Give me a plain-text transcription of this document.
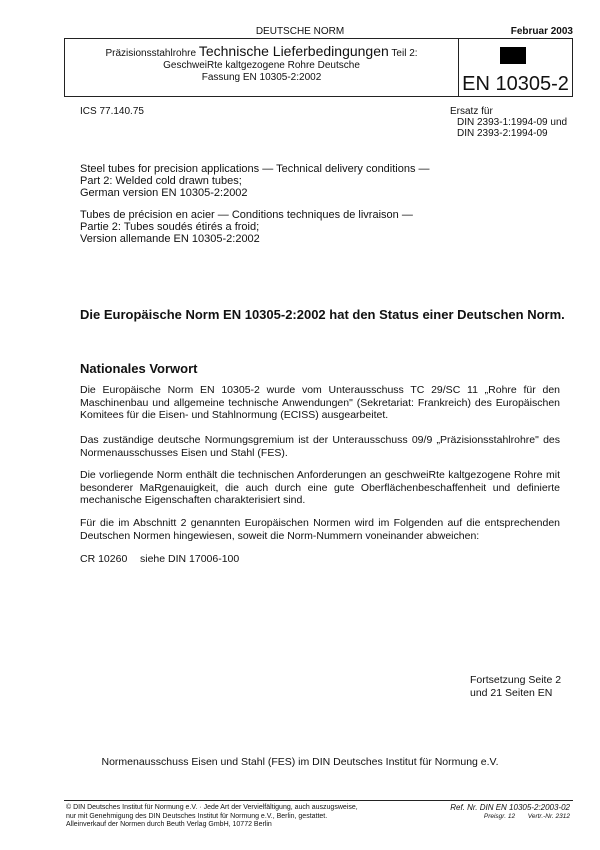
DEUTSCHE NORM	Februar 2003
Präzisionsstahlrohre Technische Lieferbedingungen Teil 2:
GeschweiRte kaltgezogene Rohre Deutsche
Fassung EN 10305-2:2002	EN 10305-2
ICS 77.140.75	Ersatz für
DIN 2393-1:1994-09 und
DIN 2393-2:1994-09
Steel tubes for precision applications — Technical delivery conditions —
Part 2: Welded cold drawn tubes;
German version EN 10305-2:2002
Tubes de précision en acier — Conditions techniques de livraison —
Partie 2: Tubes soudés étirés a froid;
Version allemande EN 10305-2:2002
Die Europäische Norm EN 10305-2:2002 hat den Status einer Deutschen Norm.
Nationales Vorwort
Die Europäische Norm EN 10305-2 wurde vom Unterausschuss TC 29/SC 11 „Rohre für den Maschinenbau und allgemeine technische Anwendungen" (Sekretariat: Frankreich) des Europäischen Komitees für die Eisen- und Stahlnormung (ECISS) ausgearbeitet.
Das zuständige deutsche Normungsgremium ist der Unterausschuss 09/9 „Präzisionsstahlrohre" des Normenausschusses Eisen und Stahl (FES).
Die vorliegende Norm enthält die technischen Anforderungen an geschweiRte kaltgezogene Rohre mit besonderer MaRgenauigkeit, die auch durch eine gute Oberflächenbeschaffenheit und definierte mechanische Eigenschaften charakterisiert sind.
Für die im Abschnitt 2 genannten Europäischen Normen wird im Folgenden auf die entsprechenden Deutschen Normen hingewiesen, soweit die Norm-Nummern voneinander abweichen:
CR 10260 siehe DIN 17006-100
Fortsetzung Seite 2
und 21 Seiten EN
Normenausschuss Eisen und Stahl (FES) im DIN Deutsches Institut für Normung e.V.
© DIN Deutsches Institut für Normung e.V. · Jede Art der Vervielfältigung, auch auszugsweise,
nur mit Genehmigung des DIN Deutsches Institut für Normung e.V., Berlin, gestattet.
Alleinverkauf der Normen durch Beuth Verlag GmbH, 10772 Berlin
Ref. Nr. DIN EN 10305-2:2003-02
Preisgr. 12 Vertr.-Nr. 2312
